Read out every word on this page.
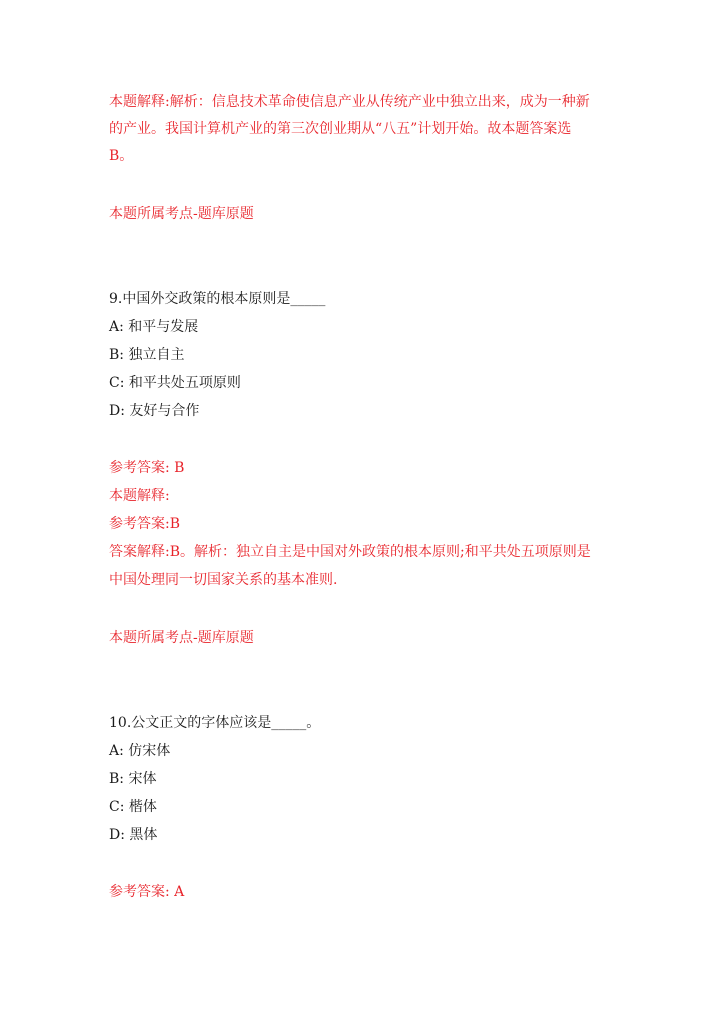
本题解释:解析：信息技术革命使信息产业从传统产业中独立出来，成为一种新
的产业。我国计算机产业的第三次创业期从“八五”计划开始。故本题答案选
B。
本题所属考点-题库原题
9.中国外交政策的根本原则是_____
A: 和平与发展
B: 独立自主
C: 和平共处五项原则
D: 友好与合作
参考答案: B
本题解释:
参考答案:B
答案解释:B。解析：独立自主是中国对外政策的根本原则;和平共处五项原则是
中国处理同一切国家关系的基本准则.
本题所属考点-题库原题
10.公文正文的字体应该是_____。
A: 仿宋体
B: 宋体
C: 楷体
D: 黑体
参考答案: A
